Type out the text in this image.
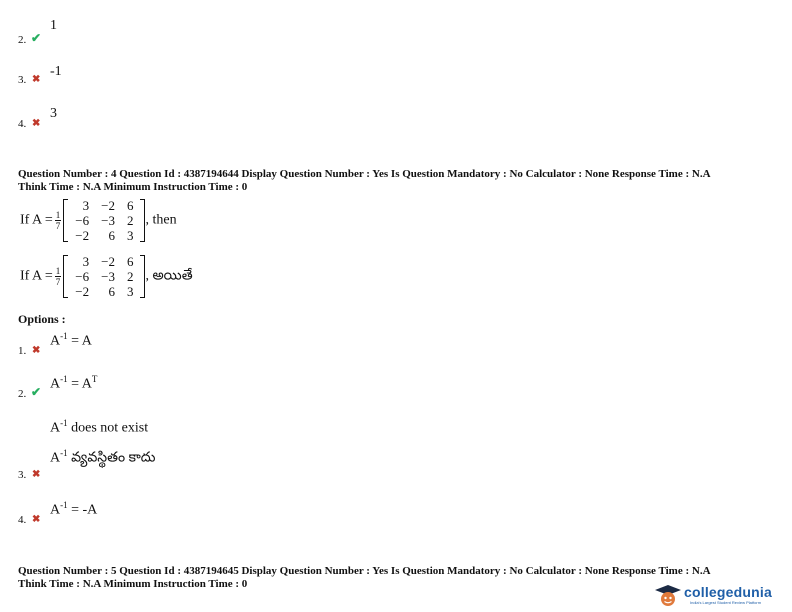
2. ✔
1
3. ✖
-1
4. ✖
3
Question Number : 4 Question Id : 4387194644 Display Question Number : Yes Is Question Mandatory : No Calculator : None Response Time : N.A
Think Time : N.A Minimum Instruction Time : 0
If $A = \frac{1}{7}$
3	−2	6
−6	−3	2
−2	6	3
, then
If $A = \frac{1}{7}$
3	−2	6
−6	−3	2
−2	6	3
, అయితే
Options :
$A^{-1} = A$
1. ✖
$A^{-1} = A^T$
2. ✔
$A^{-1}$ does not exist
$A^{-1}$ వ్యవస్థితం కాదు
3. ✖
$A^{-1} = -A$
4. ✖
Question Number : 5 Question Id : 4387194645 Display Question Number : Yes Is Question Mandatory : No Calculator : None Response Time : N.A
Think Time : N.A Minimum Instruction Time : 0	collegedunia
India's Largest Student Review Platform
